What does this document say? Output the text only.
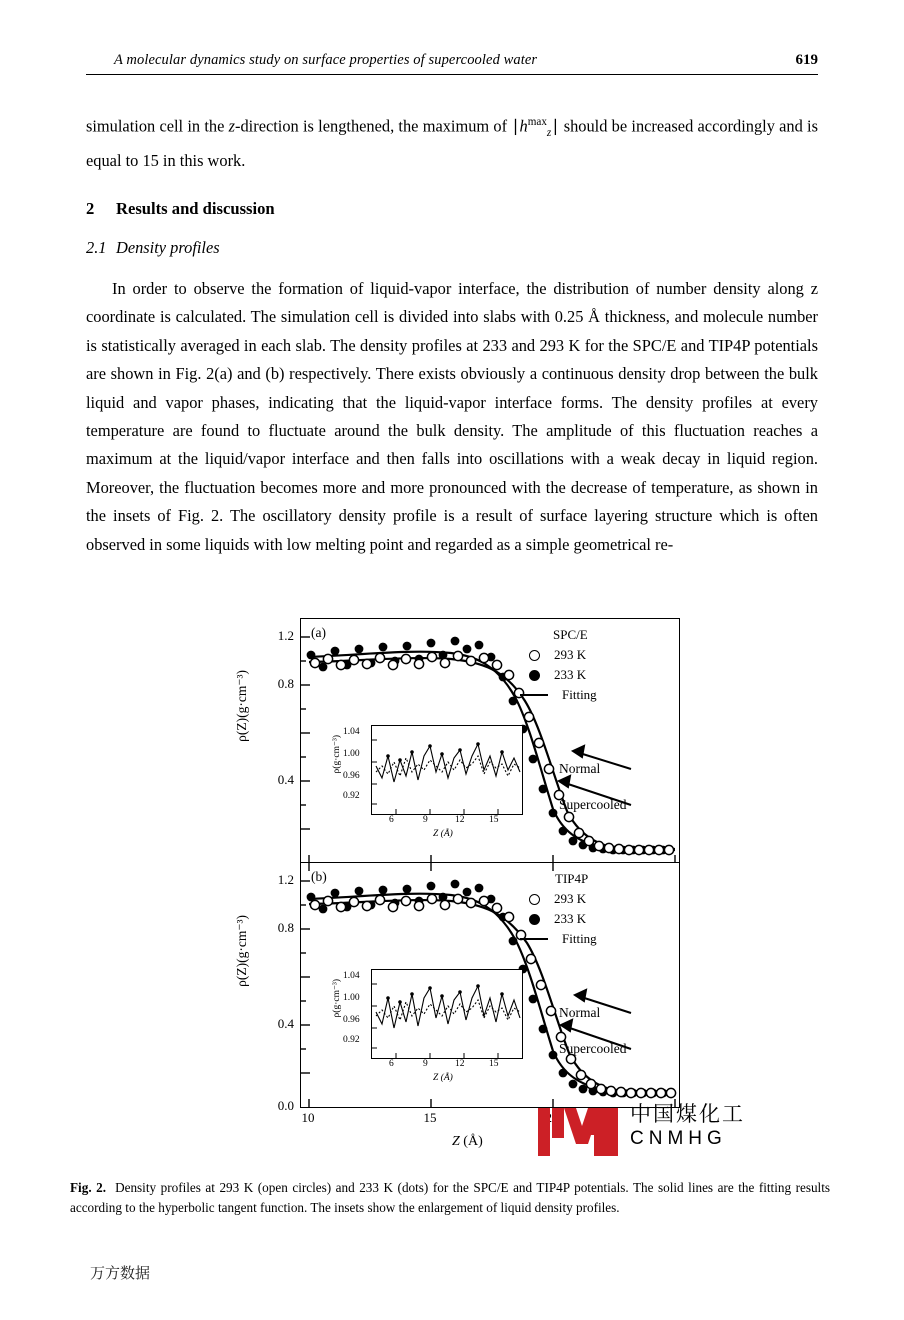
A molecular dynamics study on surface properties of supercooled water	619
simulation cell in the z-direction is lengthened, the maximum of $∣h^{max}_z∣$ should be increased accordingly and is equal to 15 in this work.
2 Results and discussion
2.1 Density profiles
In order to observe the formation of liquid-vapor interface, the distribution of number density along z coordinate is calculated. The simulation cell is divided into slabs with 0.25 Å thickness, and molecule number is statistically averaged in each slab. The density profiles at 233 and 293 K for the SPC/E and TIP4P potentials are shown in Fig. 2(a) and (b) respectively. There exists obviously a continuous density drop between the bulk liquid and vapor phases, indicating that the liquid-vapor interface forms. The density profiles at every temperature are found to fluctuate around the bulk density. The amplitude of this fluctuation reaches a maximum at the liquid/vapor interface and then falls into oscillations with a weak decay in liquid region. Moreover, the fluctuation becomes more and more pronounced with the decrease of temperature, as shown in the insets of Fig. 2. The oscillatory density profile is a result of surface layering structure which is often observed in some liquids with low melting point and regarded as a simple geometrical re-
ρ(Z)(g·cm⁻³)
ρ(Z)(g·cm⁻³)
ρ(g·cm⁻³)
1.04
1.00
0.96
0.92
6	9	12	15
Z (Å)
(a)	SPC/E
293 K
233 K
Fitting
Normal
Supercooled
1.2
0.8
0.4
ρ(g·cm⁻³)
1.04
1.00
0.96
0.92
6	9	12	15
Z (Å)
(b)	TIP4P
293 K
233 K
Fitting
Normal
Supercooled
1.2
0.8
0.4
0.0
10	15
Z (Å)
中国煤化工
CNMHG
Fig. 2. Density profiles at 293 K (open circles) and 233 K (dots) for the SPC/E and TIP4P potentials. The solid lines are the fitting results according to the hyperbolic tangent function. The insets show the enlargement of liquid density profiles.
万方数据
